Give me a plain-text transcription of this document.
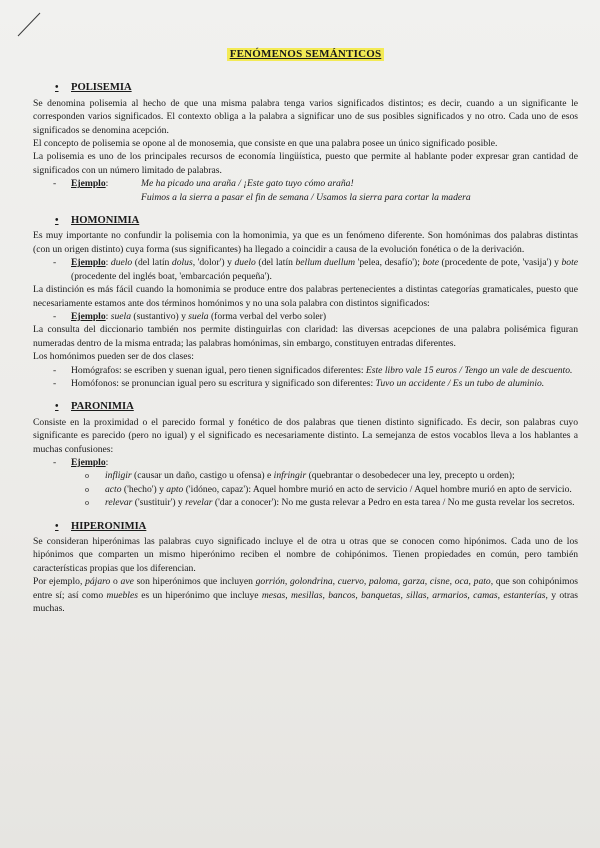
FENÓMENOS SEMÁNTICOS
•	POLISEMIA

Se denomina polisemia al hecho de que una misma palabra tenga varios significados distintos; es decir, cuando a un significante le corresponden varios significados. El contexto obliga a la palabra a significar uno de sus posibles significados y no otro. Cada uno de esos significados se denomina acepción.

El concepto de polisemia se opone al de monosemia, que consiste en que una palabra posee un único significado posible.

La polisemia es uno de los principales recursos de economía lingüística, puesto que permite al hablante poder expresar gran cantidad de significados con un número limitado de palabras.

-	Ejemplo:	Me ha picado una araña / ¡Este gato tuyo cómo araña!
Fuimos a la sierra a pasar el fin de semana / Usamos la sierra para cortar la madera
•	HOMONIMIA

Es muy importante no confundir la polisemia con la homonimia, ya que es un fenómeno diferente. Son homónimas dos palabras distintas (con un origen distinto) cuya forma (sus significantes) ha llegado a coincidir a causa de la evolución fonética o de la derivación.

-	Ejemplo: duelo (del latín dolus, 'dolor') y duelo (del latín bellum duellum 'pelea, desafío'); bote (procedente de pote, 'vasija') y bote (procedente del inglés boat, 'embarcación pequeña').

La distinción es más fácil cuando la homonimia se produce entre dos palabras pertenecientes a distintas categorías gramaticales, puesto que necesariamente estamos ante dos términos homónimos y no una sola palabra con distintos significados:

-	Ejemplo: suela (sustantivo) y suela (forma verbal del verbo soler)

La consulta del diccionario también nos permite distinguirlas con claridad: las diversas acepciones de una palabra polisémica figuran numeradas dentro de la misma entrada; las palabras homónimas, sin embargo, constituyen entradas diferentes.

Los homónimos pueden ser de dos clases:

-	Homógrafos: se escriben y suenan igual, pero tienen significados diferentes: Este libro vale 15 euros / Tengo un vale de descuento.
-	Homófonos: se pronuncian igual pero su escritura y significado son diferentes: Tuvo un accidente / Es un tubo de aluminio.
•	PARONIMIA

Consiste en la proximidad o el parecido formal y fonético de dos palabras que tienen distinto significado. Es decir, son palabras cuyo significante es parecido (pero no igual) y el significado es necesariamente distinto. La semejanza de estos vocablos lleva a los hablantes a muchas confusiones:

-	Ejemplo:
o	infligir (causar un daño, castigo u ofensa) e infringir (quebrantar o desobedecer una ley, precepto u orden);
o	acto ('hecho') y apto ('idóneo, capaz'): Aquel hombre murió en acto de servicio / Aquel hombre murió en apto de servicio.
o	relevar ('sustituir') y revelar ('dar a conocer'): No me gusta relevar a Pedro en esta tarea / No me gusta revelar los secretos.
•	HIPERONIMIA

Se consideran hiperónimas las palabras cuyo significado incluye el de otra u otras que se conocen como hipónimos. Cada uno de los hipónimos que comparten un mismo hiperónimo reciben el nombre de cohipónimos. Tienen propiedades en común, pero también características propias que los diferencian.

Por ejemplo, pájaro o ave son hiperónimos que incluyen gorrión, golondrina, cuervo, paloma, garza, cisne, oca, pato, que son cohipónimos entre sí; así como muebles es un hiperónimo que incluye mesas, mesillas, bancos, banquetas, sillas, armarios, camas, estanterías, y otras muchas.
